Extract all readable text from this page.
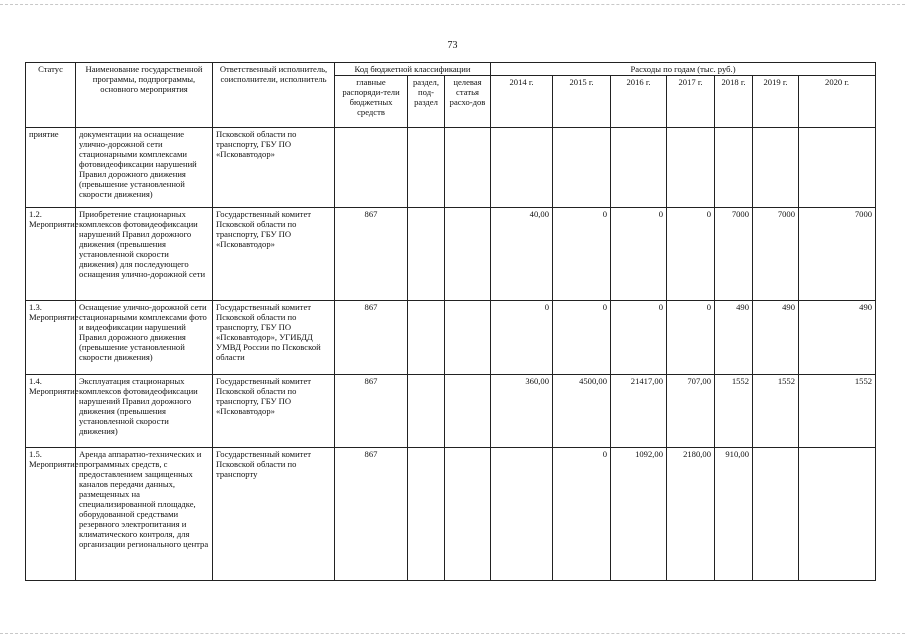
73
Статус	Наименование государственной программы, подпрограммы, основного мероприятия	Ответственный исполнитель, соисполнители, исполнитель	Код бюджетной классификации			Расходы по годам (тыс. руб.)						
			главные распоряди-тели бюджетных средств	раздел, под-раздел	целевая статья расхо-дов	2014 г.	2015 г.	2016 г.	2017 г.	2018 г.	2019 г.	2020 г.
приятие	документации на оснащение улично-дорожной сети стационарными комплексами фотовидеофиксации нарушений Правил дорожного движения (превышение установленной скорости движения)	Псковской области по транспорту, ГБУ ПО «Псковавтодор»										
1.2. Мероприятие	Приобретение стационарных комплексов фотовидеофиксации нарушений Правил дорожного движения (превышения установленной скорости движения) для последующего оснащения улично-дорожной сети	Государственный комитет Псковской области по транспорту, ГБУ ПО «Псковавтодор»	867			40,00	0	0	0	7000	7000	7000
1.3. Мероприятие	Оснащение улично-дорожной сети стационарными комплексами фото и видеофиксации нарушений Правил дорожного движения (превышение установленной скорости движения)	Государственный комитет Псковской области по транспорту, ГБУ ПО «Псковавтодор», УГИБДД УМВД России по Псковской области	867			0	0	0	0	490	490	490
1.4. Мероприятие	Эксплуатация стационарных комплексов фотовидеофиксации нарушений Правил дорожного движения (превышения установленной скорости движения)	Государственный комитет Псковской области по транспорту, ГБУ ПО «Псковавтодор»	867			360,00	4500,00	21417,00	707,00	1552	1552	1552
1.5. Мероприятие	Аренда аппаратно-технических и программных средств, с предоставлением защищенных каналов передачи данных, размещенных на специализированной площадке, оборудованной средствами резервного электропитания и климатического контроля, для организации регионального центра	Государственный комитет Псковской области по транспорту	867				0	1092,00	2180,00	910,00		
